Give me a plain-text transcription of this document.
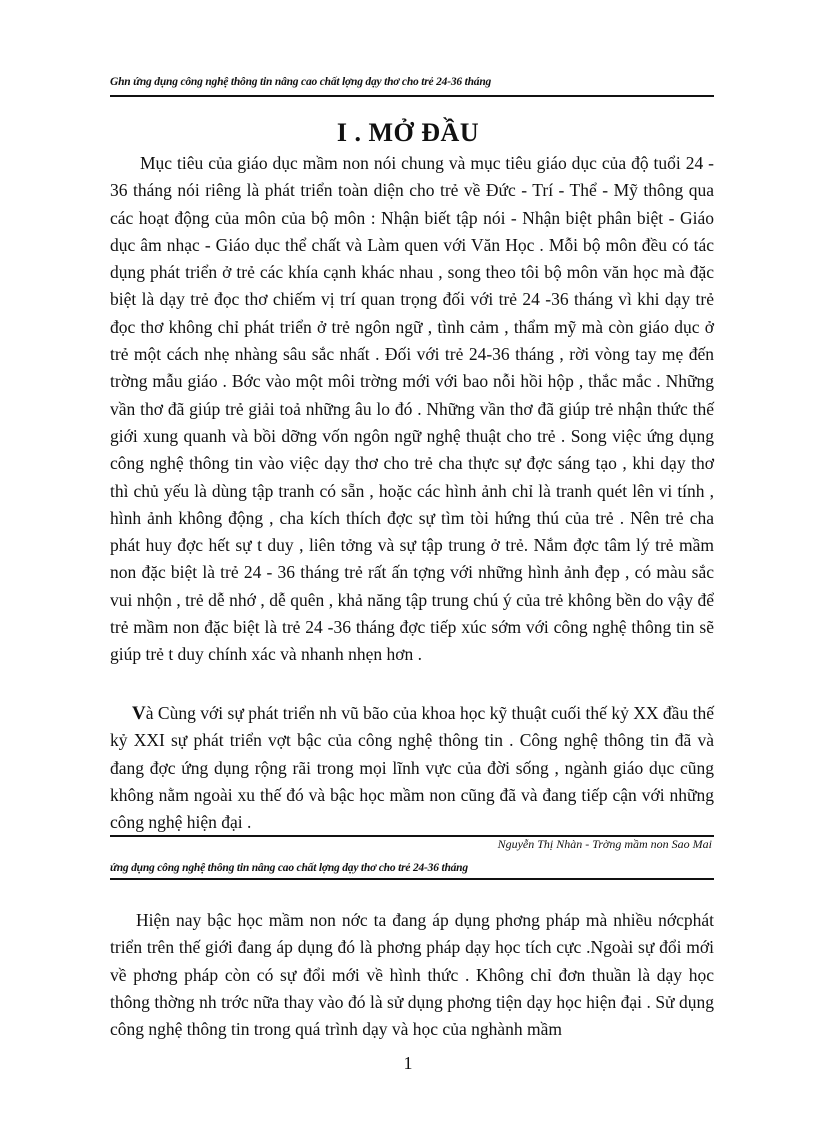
Ghn ứng dụng công nghệ thông tin nâng cao chất lợng dạy thơ cho trẻ 24-36 tháng
I . MỞ ĐẦU

Mục tiêu của giáo dục mầm non nói chung và mục tiêu giáo dục của độ tuổi 24 - 36 tháng nói riêng là phát triển toàn diện cho trẻ về Đức - Trí - Thể - Mỹ thông qua các hoạt động của môn của bộ môn : Nhận biết tập nói - Nhận biệt phân biệt - Giáo dục âm nhạc - Giáo dục thể chất và Làm quen với Văn Học . Mỗi bộ môn đều có tác dụng phát triển ở trẻ các khía cạnh khác nhau , song theo tôi bộ môn văn học mà đặc biệt là dạy trẻ đọc thơ chiếm vị trí quan trọng đối với trẻ 24 -36 tháng vì khi dạy trẻ đọc thơ không chỉ phát triển ở trẻ ngôn ngữ , tình cảm , thẩm mỹ mà còn giáo dục ở trẻ một cách nhẹ nhàng sâu sắc nhất . Đối với trẻ 24-36 tháng , rời vòng tay mẹ đến trờng mẫu giáo . Bớc vào một môi trờng mới với bao nỗi hồi hộp , thắc mắc . Những vần thơ đã giúp trẻ giải toả những âu lo đó . Những vần thơ đã giúp trẻ nhận thức thế giới xung quanh và bồi dỡng vốn ngôn ngữ nghệ thuật cho trẻ . Song việc ứng dụng công nghệ thông tin vào việc dạy thơ cho trẻ cha thực sự đợc sáng tạo , khi dạy thơ thì chủ yếu là dùng tập tranh có sẵn , hoặc các hình ảnh chỉ là tranh quét lên vi tính , hình ảnh không động , cha kích thích đợc sự tìm tòi hứng thú của trẻ . Nên trẻ cha phát huy đợc hết sự t duy , liên tởng và sự tập trung ở trẻ. Nắm đợc tâm lý trẻ mầm non đặc biệt là trẻ 24 - 36 tháng trẻ rất ấn tợng với những hình ảnh đẹp , có màu sắc vui nhộn , trẻ dễ nhớ , dễ quên , khả năng tập trung chú ý của trẻ không bền do vậy để trẻ mầm non đặc biệt là trẻ 24 -36 tháng đợc tiếp xúc sớm với công nghệ thông tin sẽ giúp trẻ t duy chính xác và nhanh nhẹn hơn .

Và Cùng với sự phát triển nh vũ bão của khoa học kỹ thuật cuối thế kỷ XX đầu thế kỷ XXI sự phát triển vợt bậc của công nghệ thông tin . Công nghệ thông tin đã và đang đợc ứng dụng rộng rãi trong mọi lĩnh vực của đời sống , ngành giáo dục cũng không nằm ngoài xu thế đó và bậc học mầm non cũng đã và đang tiếp cận với những công nghệ hiện đại .

Nguyễn Thị Nhàn - Trờng mầm non Sao Mai
ứng dụng công nghệ thông tin nâng cao chất lợng dạy thơ cho trẻ 24-36 tháng

Hiện nay bậc học mầm non nớc ta đang áp dụng phơng pháp mà nhiều nớcphát triển trên thế giới đang áp dụng đó là phơng pháp dạy học tích cực .Ngoài sự đổi mới về phơng pháp còn có sự đổi mới về hình thức . Không chỉ đơn thuần là dạy học thông thờng nh trớc nữa thay vào đó là sử dụng phơng tiện dạy học hiện đại . Sử dụng công nghệ thông tin trong quá trình dạy và học của nghành mầm

1
